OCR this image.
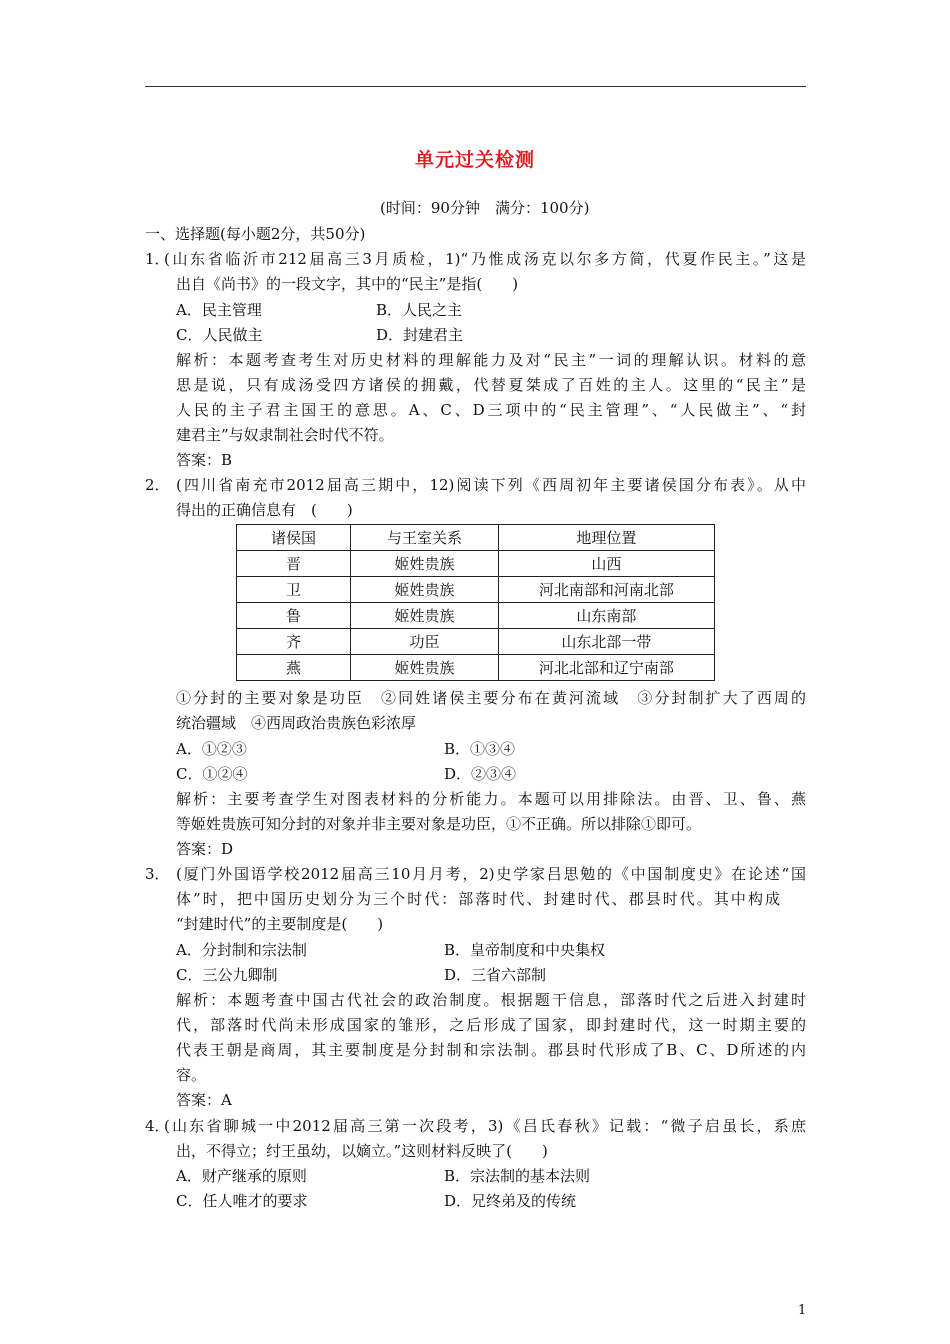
单元过关检测
(时间：90分钟　满分：100分)
一、选择题(每小题2分，共50分)
1．
(山东省临沂市212届高三3月质检，1)“乃惟成汤克以尔多方简，代夏作民主。”这是
出自《尚书》的一段文字，其中的“民主”是指(　　)
A．民主管理	B．人民之主
C．人民做主	D．封建君主
解析：本题考查考生对历史材料的理解能力及对“民主”一词的理解认识。材料的意
思是说，只有成汤受四方诸侯的拥戴，代替夏桀成了百姓的主人。这里的“民主”是
人民的主子君主国王的意思。A、C、D三项中的“民主管理”、“人民做主”、“封
建君主”与奴隶制社会时代不符。
答案：B
2． (四川省南充市2012届高三期中，12)阅读下列《西周初年主要诸侯国分布表》。从中
得出的正确信息有　(　　)
诸侯国	与王室关系	地理位置
晋	姬姓贵族	山西
卫	姬姓贵族	河北南部和河南北部
鲁	姬姓贵族	山东南部
齐	功臣	山东北部一带
燕	姬姓贵族	河北北部和辽宁南部
①分封的主要对象是功臣　②同姓诸侯主要分布在黄河流域　③分封制扩大了西周的
统治疆域　④西周政治贵族色彩浓厚
A．①②③	B．①③④
C．①②④	D．②③④
解析：主要考查学生对图表材料的分析能力。本题可以用排除法。由晋、卫、鲁、燕
等姬姓贵族可知分封的对象并非主要对象是功臣，①不正确。所以排除①即可。
答案：D
3． (厦门外国语学校2012届高三10月月考，2)史学家吕思勉的《中国制度史》在论述“国
体”时，把中国历史划分为三个时代：部落时代、封建时代、郡县时代。其中构成
“封建时代”的主要制度是(　　)
A．分封制和宗法制	B．皇帝制度和中央集权
C．三公九卿制	D．三省六部制
解析：本题考查中国古代社会的政治制度。根据题干信息，部落时代之后进入封建时
代，部落时代尚未形成国家的雏形，之后形成了国家，即封建时代，这一时期主要的
代表王朝是商周，其主要制度是分封制和宗法制。郡县时代形成了B、C、D所述的内
容。
答案：A
4．
(山东省聊城一中2012届高三第一次段考，3)《吕氏春秋》记载：“微子启虽长，系庶
出，不得立；纣王虽幼，以嫡立。”这则材料反映了(　　)
A．财产继承的原则	B．宗法制的基本法则
C．任人唯才的要求	D．兄终弟及的传统
1
